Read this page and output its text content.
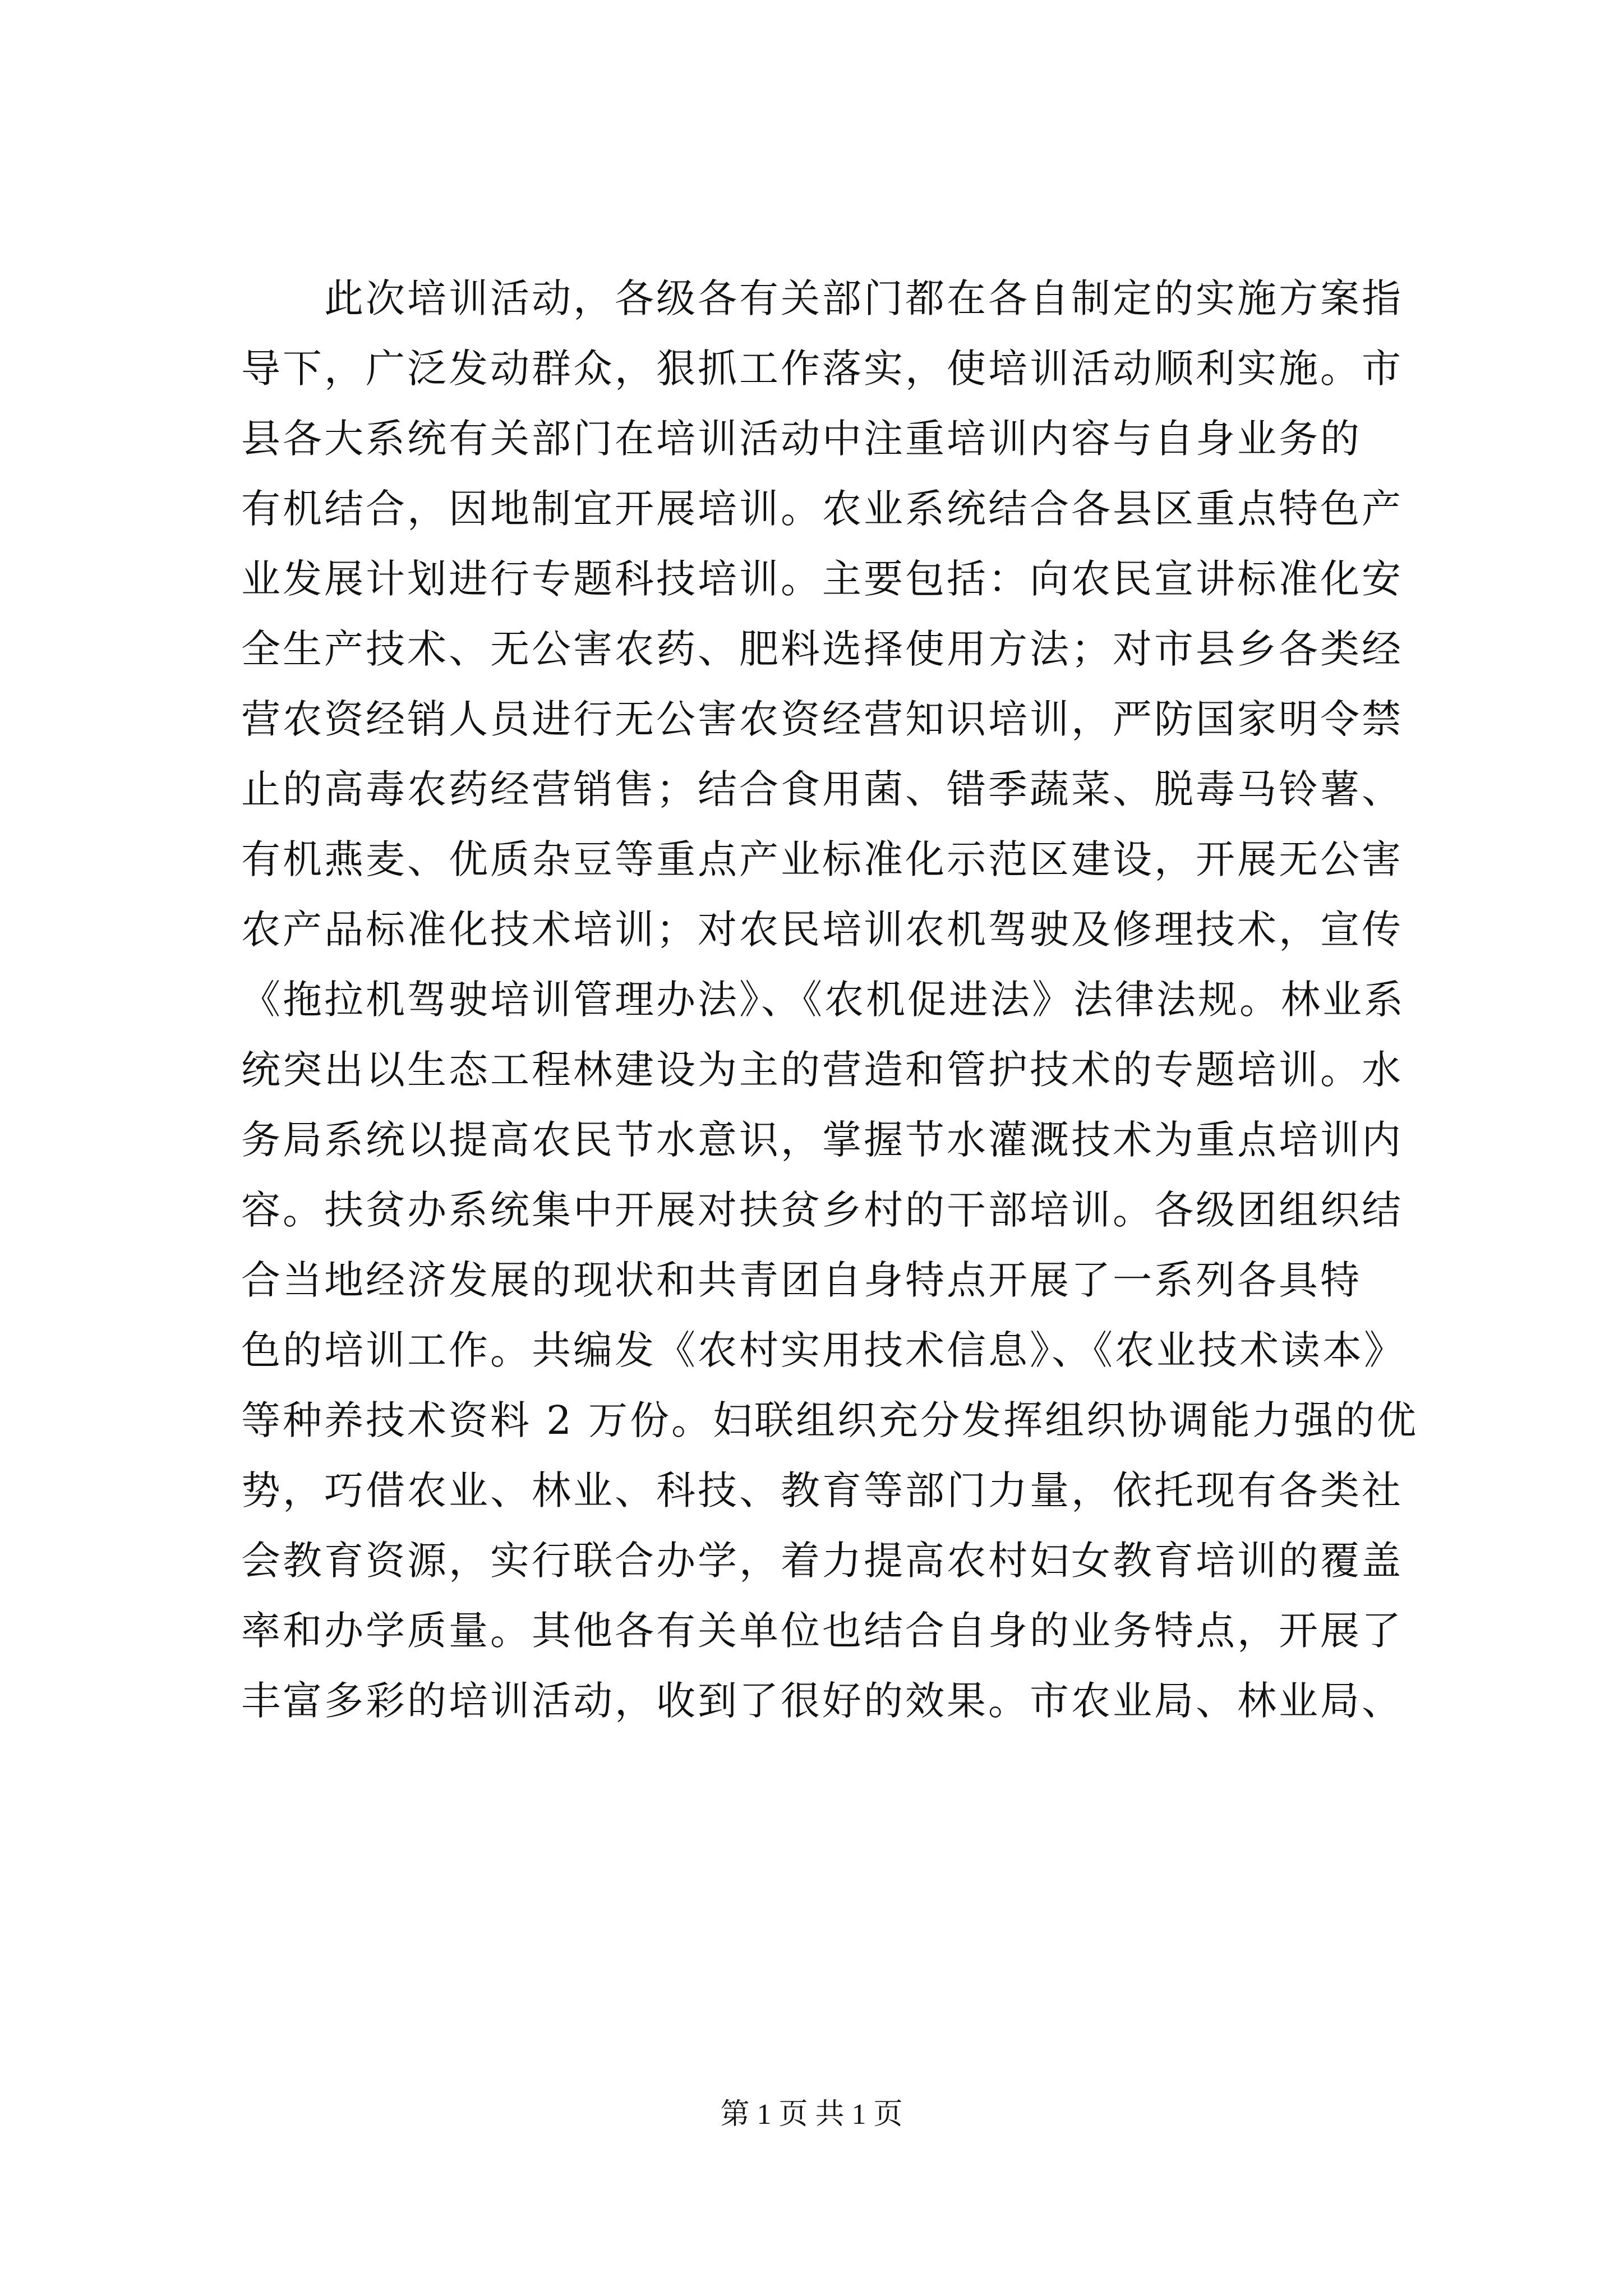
　　此次培训活动，各级各有关部门都在各自制定的实施方案指
导下，广泛发动群众，狠抓工作落实，使培训活动顺利实施。市
县各大系统有关部门在培训活动中注重培训内容与自身业务的
有机结合，因地制宜开展培训。农业系统结合各县区重点特色产
业发展计划进行专题科技培训。主要包括：向农民宣讲标准化安
全生产技术、无公害农药、肥料选择使用方法；对市县乡各类经
营农资经销人员进行无公害农资经营知识培训，严防国家明令禁
止的高毒农药经营销售；结合食用菌、错季蔬菜、脱毒马铃薯、
有机燕麦、优质杂豆等重点产业标准化示范区建设，开展无公害
农产品标准化技术培训；对农民培训农机驾驶及修理技术，宣传
《拖拉机驾驶培训管理办法》、《农机促进法》法律法规。林业系
统突出以生态工程林建设为主的营造和管护技术的专题培训。水
务局系统以提高农民节水意识，掌握节水灌溉技术为重点培训内
容。扶贫办系统集中开展对扶贫乡村的干部培训。各级团组织结
合当地经济发展的现状和共青团自身特点开展了一系列各具特
色的培训工作。共编发《农村实用技术信息》、《农业技术读本》
等种养技术资料 2 万份。妇联组织充分发挥组织协调能力强的优
势，巧借农业、林业、科技、教育等部门力量，依托现有各类社
会教育资源，实行联合办学，着力提高农村妇女教育培训的覆盖
率和办学质量。其他各有关单位也结合自身的业务特点，开展了
丰富多彩的培训活动，收到了很好的效果。市农业局、林业局、
第 1 页 共 1 页
